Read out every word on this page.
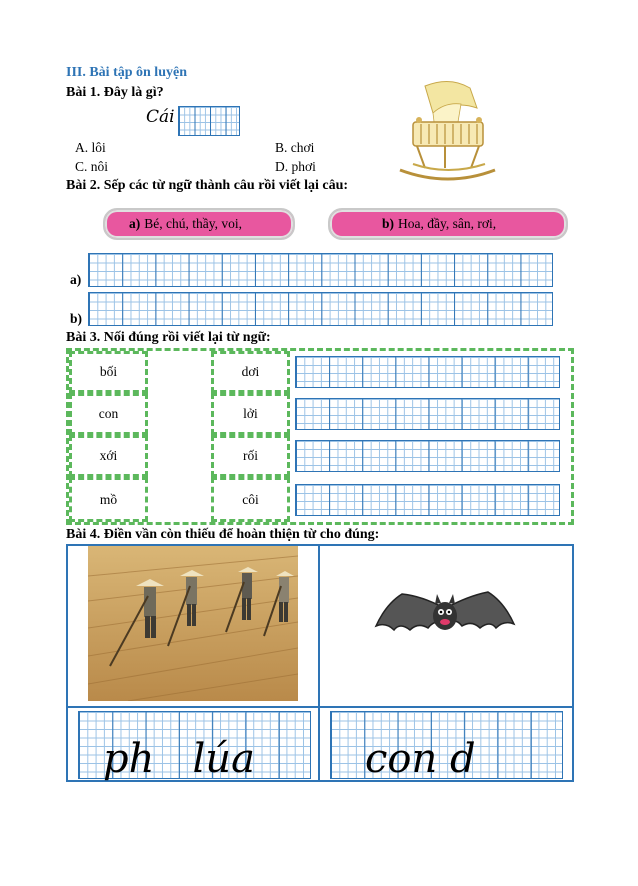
III. Bài tập ôn luyện
Bài 1. Đây là gì?
Cái
A. lôi	B. chơi
C. nôi	D. phơi
Bài 2. Sếp các từ ngữ thành câu rồi viết lại câu:
a) Bé, chú, thầy, voi,	b) Hoa, đầy, sân, rơi,
a)
b)
Bài 3. Nối đúng rồi viết lại từ ngữ:
bối
con
xới
mồ
dơi
lởi
rối
côi
Bài 4. Điền vần còn thiếu để hoàn thiện từ cho đúng:
ph   lúa	con d
